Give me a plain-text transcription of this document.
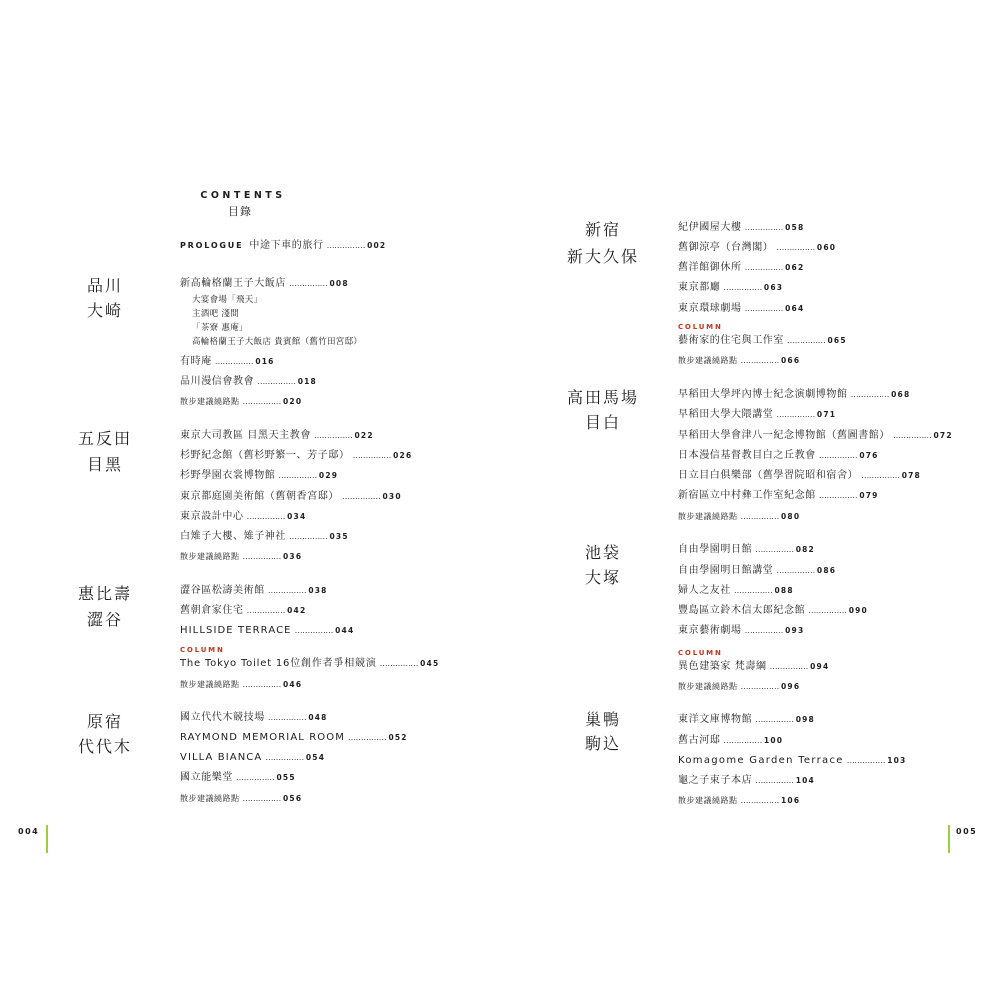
CONTENTS
目錄
PROLOGUE 中途下車的旅行 …………… 002
品川
大崎
新高輪格蘭王子大飯店 …………… 008
大宴會場「飛天」
主酒吧 淺間
「茶寮 惠庵」
高輪格蘭王子大飯店 貴賓館（舊竹田宮邸）
有時庵 …………… 016
品川漫信會教會 …………… 018
散步建議繞路點 …………… 020
五反田
目黑
東京大司教區 目黑天主教會 …………… 022
杉野紀念館（舊杉野繁一、芳子邸） …………… 026
杉野學園衣裳博物館 …………… 029
東京都庭園美術館（舊朝香宮邸） …………… 030
東京設計中心 …………… 034
白雉子大樓、雉子神社 …………… 035
散步建議繞路點 …………… 036
惠比壽
澀谷
澀谷區松濤美術館 …………… 038
舊朝倉家住宅 …………… 042
HILLSIDE TERRACE …………… 044
COLUMN
The Tokyo Toilet 16位創作者爭相競演 …………… 045
散步建議繞路點 …………… 046
原宿
代代木
國立代代木競技場 …………… 048
RAYMOND MEMORIAL ROOM …………… 052
VILLA BIANCA …………… 054
國立能樂堂 …………… 055
散步建議繞路點 …………… 056
004
新宿
新大久保
紀伊國屋大樓 …………… 058
舊御涼亭（台灣閣） …………… 060
舊洋館御休所 …………… 062
東京都廳 …………… 063
東京環球劇場 …………… 064
COLUMN
藝術家的住宅與工作室 …………… 065
散步建議繞路點 …………… 066
高田馬場
目白
早稻田大學坪內博士紀念演劇博物館 …………… 068
早稻田大學大隈講堂 …………… 071
早稻田大學會津八一紀念博物館（舊圖書館） …………… 072
日本漫信基督教目白之丘教會 …………… 076
日立目白俱樂部（舊學習院昭和宿舍） …………… 078
新宿區立中村彝工作室紀念館 …………… 079
散步建議繞路點 …………… 080
池袋
大塚
自由學園明日館 …………… 082
自由學園明日館講堂 …………… 086
婦人之友社 …………… 088
豐島區立鈴木信太郎紀念館 …………… 090
東京藝術劇場 …………… 093
COLUMN
異色建築家 梵壽綱 …………… 094
散步建議繞路點 …………… 096
巢鴨
駒込
東洋文庫博物館 …………… 098
舊古河邸 …………… 100
Komagome Garden Terrace …………… 103
龜之子束子本店 …………… 104
散步建議繞路點 …………… 106
005
